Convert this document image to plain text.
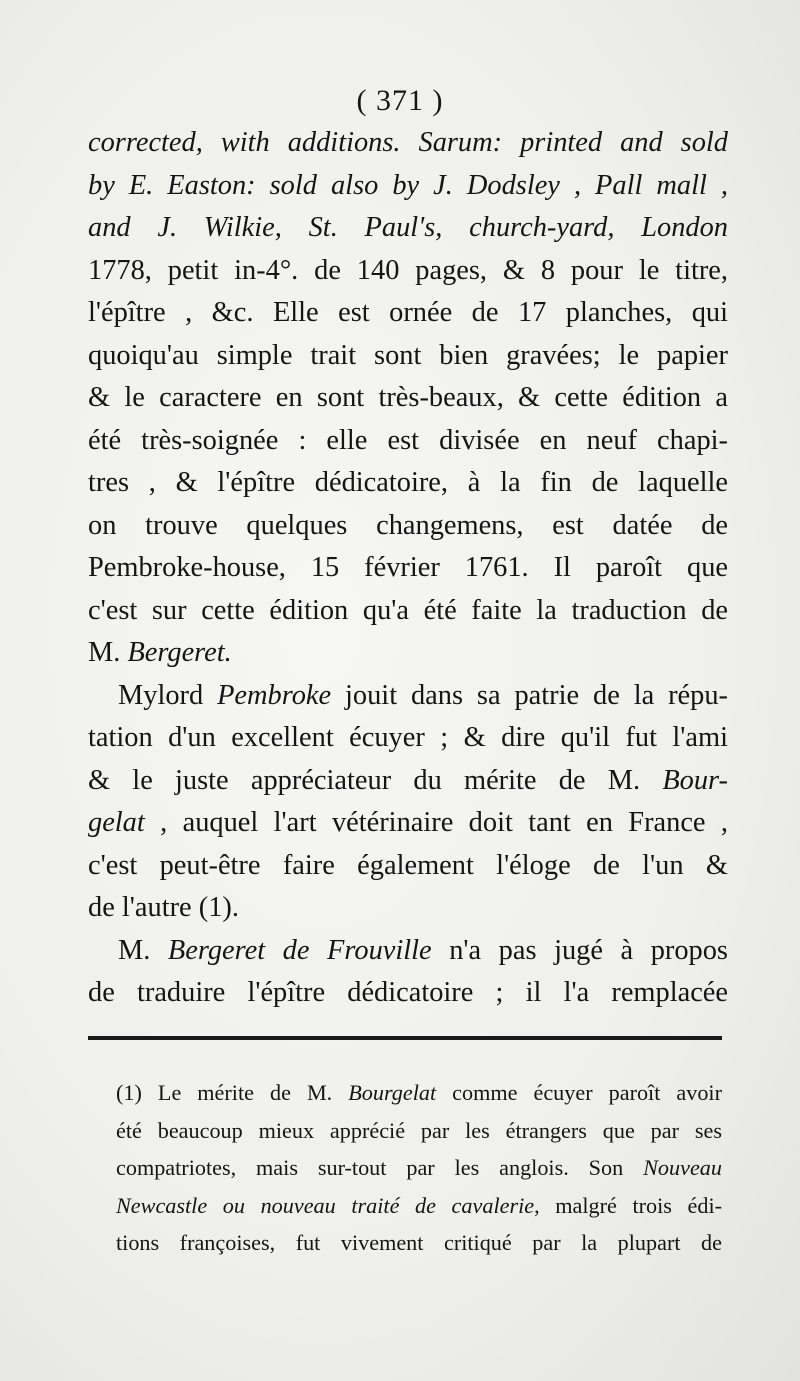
( 371 )
corrected, with additions. Sarum: printed and sold
by E. Easton: sold also by J. Dodsley , Pall mall ,
and J. Wilkie, St. Paul's, church-yard, London
1778, petit in-4°. de 140 pages, & 8 pour le titre,
l'épître , &c. Elle est ornée de 17 planches, qui
quoiqu'au simple trait sont bien gravées; le papier
& le caractere en sont très-beaux, & cette édition a
été très-soignée : elle est divisée en neuf chapi-
tres , & l'épître dédicatoire, à la fin de laquelle
on trouve quelques changemens, est datée de
Pembroke-house, 15 février 1761. Il paroît que
c'est sur cette édition qu'a été faite la traduction de
M. Bergeret.
Mylord Pembroke jouit dans sa patrie de la répu-
tation d'un excellent écuyer ; & dire qu'il fut l'ami
& le juste appréciateur du mérite de M. Bour-
gelat , auquel l'art vétérinaire doit tant en France ,
c'est peut-être faire également l'éloge de l'un &
de l'autre (1).
M. Bergeret de Frouville n'a pas jugé à propos
de traduire l'épître dédicatoire ; il l'a remplacée
(1) Le mérite de M. Bourgelat comme écuyer paroît avoir
été beaucoup mieux apprécié par les étrangers que par ses
compatriotes, mais sur-tout par les anglois. Son Nouveau
Newcastle ou nouveau traité de cavalerie, malgré trois édi-
tions françoises, fut vivement critiqué par la plupart de
